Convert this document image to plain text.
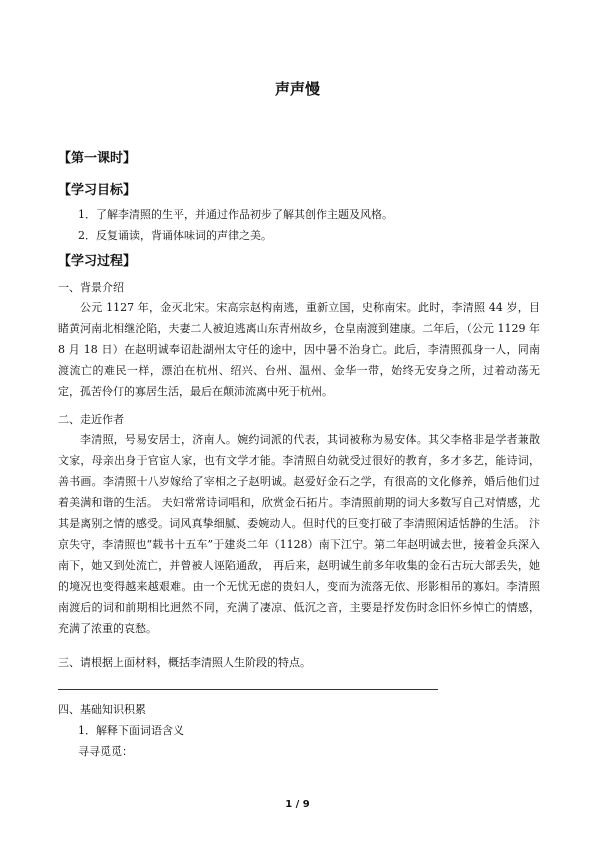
声声慢
【第一课时】
【学习目标】
1．了解李清照的生平，并通过作品初步了解其创作主题及风格。
2．反复诵读，背诵体味词的声律之美。
【学习过程】
一、背景介绍

公元 1127 年，金灭北宋。宋高宗赵构南逃，重新立国，史称南宋。此时，李清照 44 岁，目睹黄河南北相继沦陷，夫妻二人被迫逃离山东青州故乡，仓皇南渡到建康。二年后，（公元 1129 年 8 月 18 日）在赵明诚奉诏赴湖州太守任的途中，因中暑不治身亡。此后，李清照孤身一人，同南渡流亡的难民一样，漂泊在杭州、绍兴、台州、温州、金华一带，始终无安身之所，过着动荡无定，孤苦伶仃的寡居生活，最后在颠沛流离中死于杭州。

二、走近作者

李清照，号易安居士，济南人。婉约词派的代表，其词被称为易安体。其父李格非是学者兼散文家，母亲出身于官宦人家，也有文学才能。李清照自幼就受过很好的教育，多才多艺，能诗词，善书画。李清照十八岁嫁给了宰相之子赵明诚。赵爱好金石之学，有很高的文化修养，婚后他们过着美满和谐的生活。 夫妇常常诗词唱和，欣赏金石拓片。李清照前期的词大多数写自己对情感，尤其是离别之情的感受。词风真挚细腻、委婉动人。但时代的巨变打破了李清照闲适恬静的生活。 汴京失守，李清照也“载书十五车”于建炎二年（1128）南下江宁。第二年赵明诚去世，接着金兵深入南下，她又到处流亡，并曾被人诬陷通敌， 再后来，赵明诚生前多年收集的金石古玩大部丢失，她的境况也变得越来越艰难。由一个无忧无虑的贵妇人，变而为流落无依、形影相吊的寡妇。李清照南渡后的词和前期相比迥然不同，充满了凄凉、低沉之音，主要是抒发伤时念旧怀乡悼亡的情感，充满了浓重的哀愁。

三、请根据上面材料，概括李清照人生阶段的特点。
四、基础知识积累
1．解释下面词语含义
寻寻觅觅：
1 / 9
